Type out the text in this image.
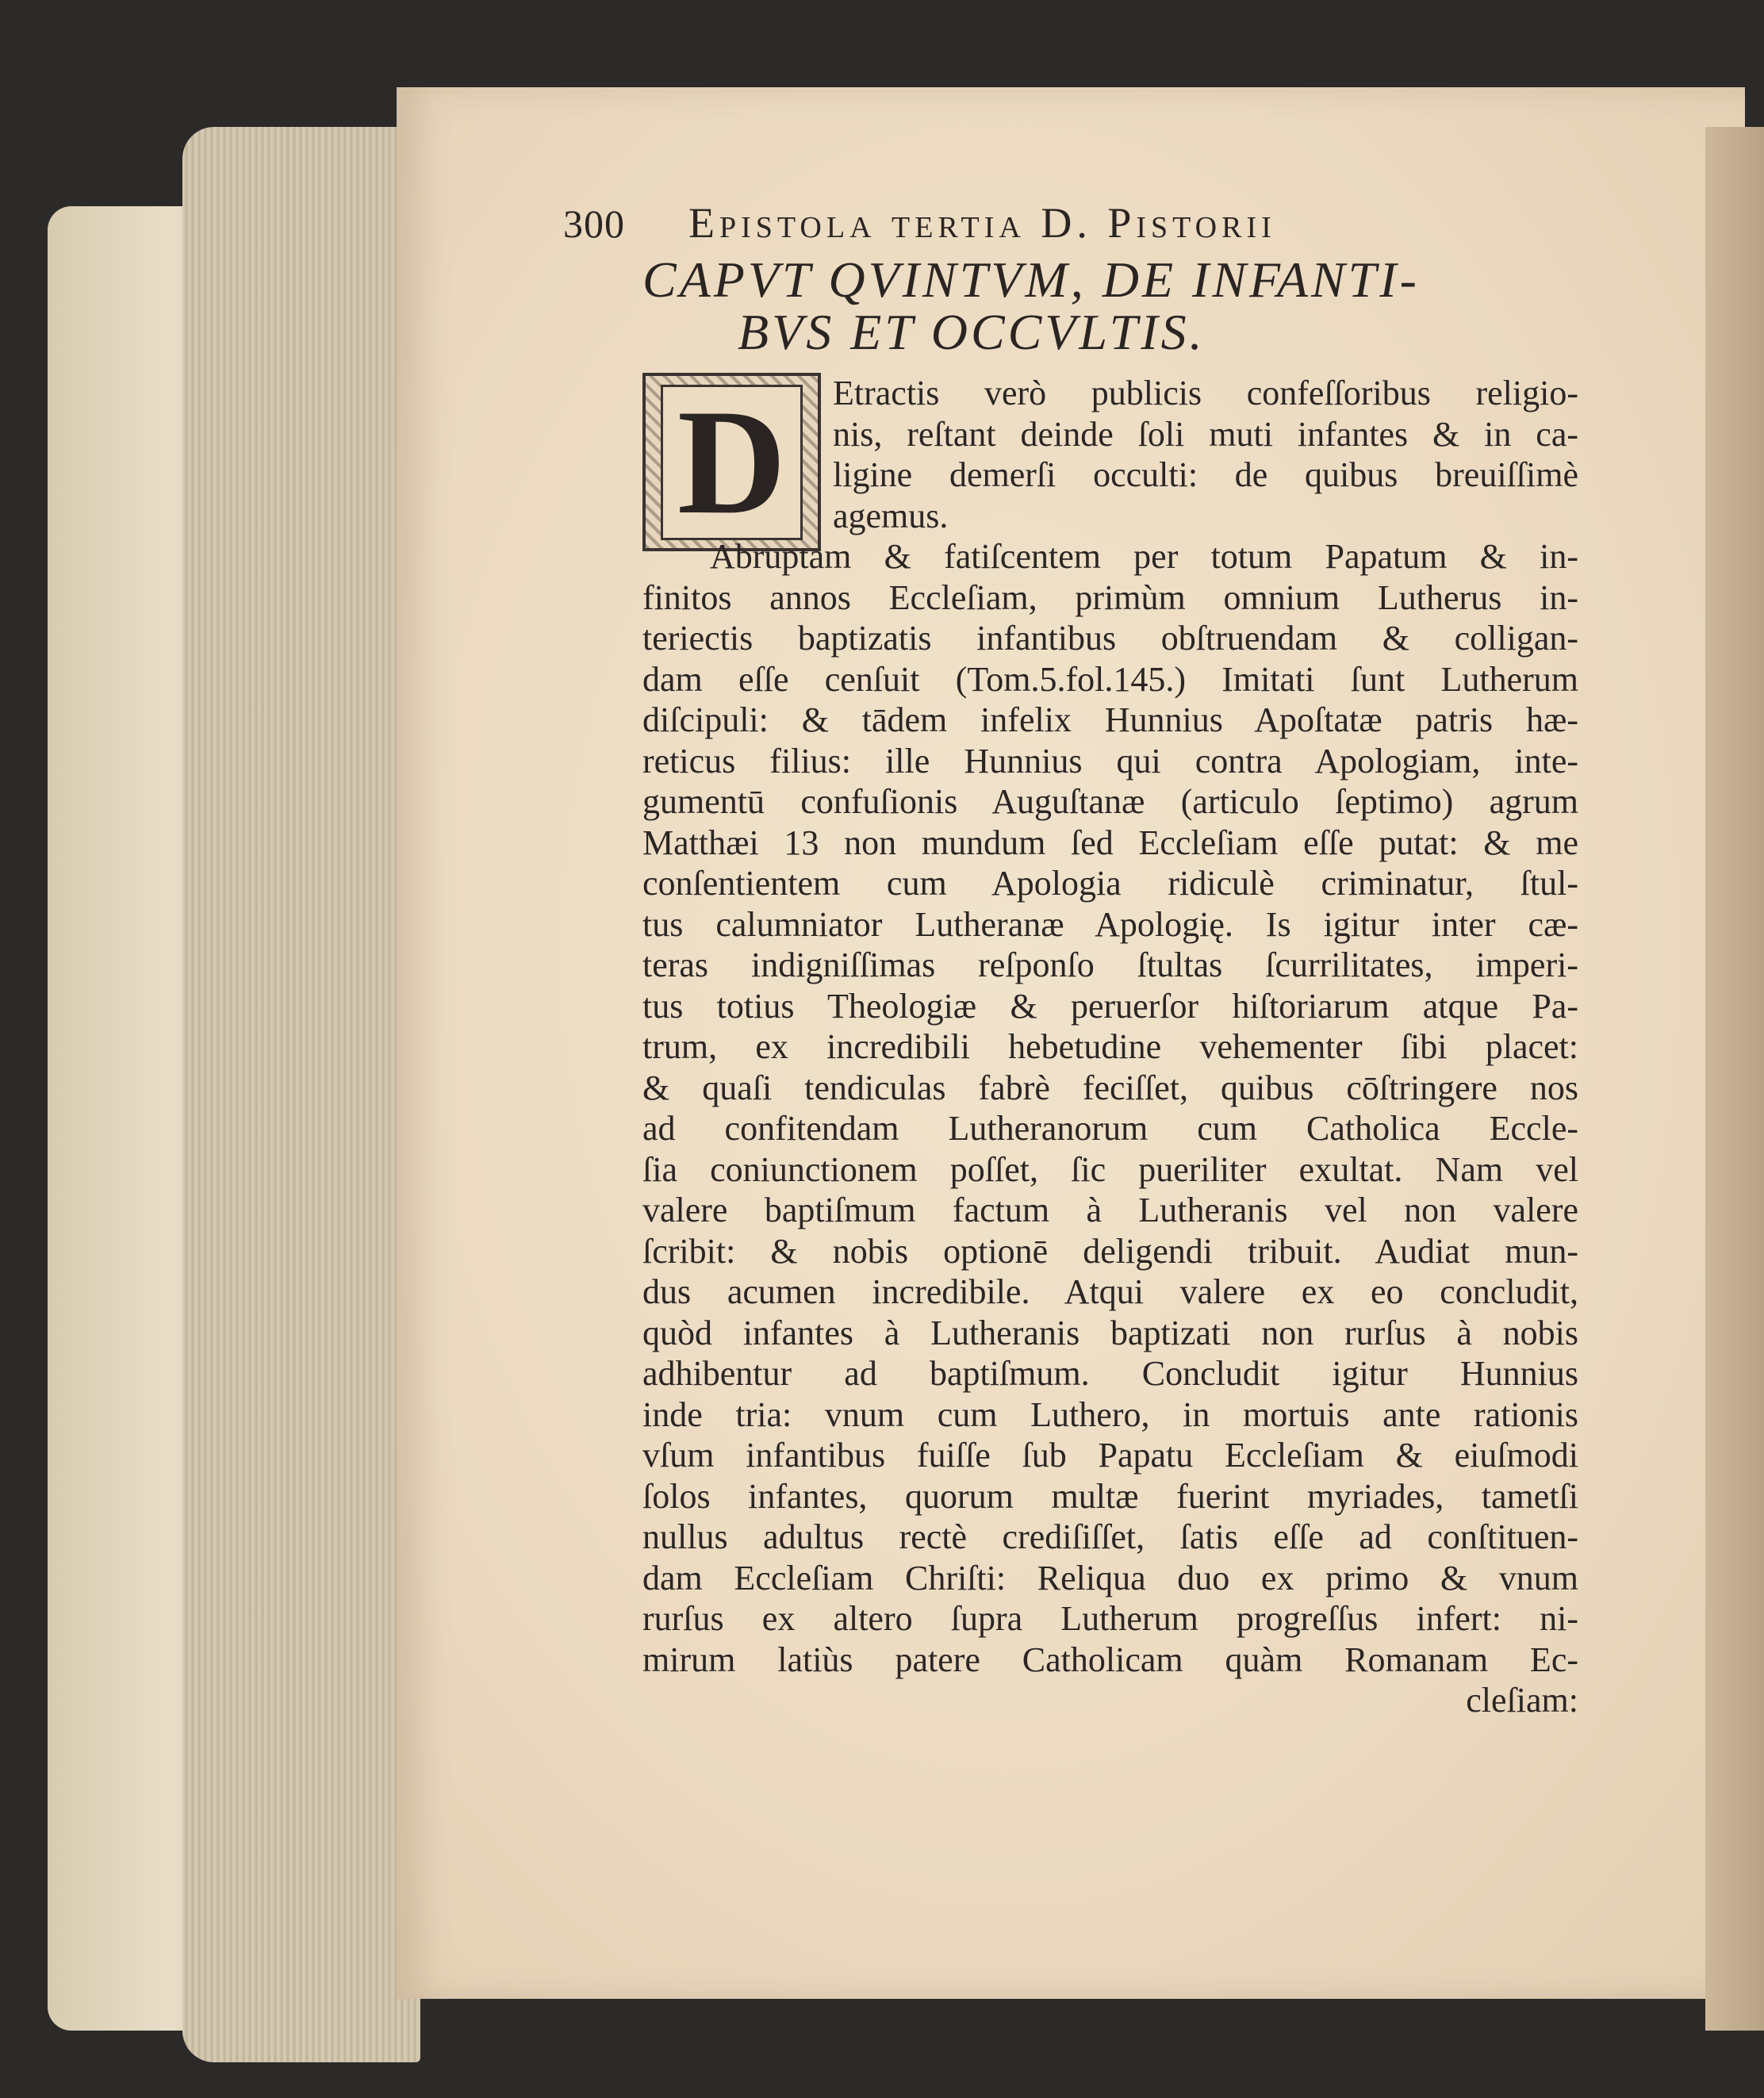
300 Epistola tertia D. Pistorii
CAPVT QVINTVM, DE INFANTI-
BVS ET OCCVLTIS.
D	Etractis verò publicis confeſſoribus religio-
nis, reſtant deinde ſoli muti infantes & in ca-
ligine demerſi occulti: de quibus breuiſſimè
agemus.
Abruptam & fatiſcentem per totum Papatum & in-
finitos annos Eccleſiam, primùm omnium Lutherus in-
teriectis baptizatis infantibus obſtruendam & colligan-
dam eſſe cenſuit (Tom.5.fol.145.) Imitati ſunt Lutherum
diſcipuli: & tādem infelix Hunnius Apoſtatæ patris hæ-
reticus filius: ille Hunnius qui contra Apologiam, inte-
gumentū confuſionis Auguſtanæ (articulo ſeptimo) agrum
Matthæi 13 non mundum ſed Eccleſiam eſſe putat: & me
conſentientem cum Apologia ridiculè criminatur, ſtul-
tus calumniator Lutheranæ Apologię. Is igitur inter cæ-
teras indigniſſimas reſponſo ſtultas ſcurrilitates, imperi-
tus totius Theologiæ & peruerſor hiſtoriarum atque Pa-
trum, ex incredibili hebetudine vehementer ſibi placet:
& quaſi tendiculas fabrè feciſſet, quibus cōſtringere nos
ad confitendam Lutheranorum cum Catholica Eccle-
ſia coniunctionem poſſet, ſic pueriliter exultat. Nam vel
valere baptiſmum factum à Lutheranis vel non valere
ſcribit: & nobis optionē deligendi tribuit. Audiat mun-
dus acumen incredibile. Atqui valere ex eo concludit,
quòd infantes à Lutheranis baptizati non rurſus à nobis
adhibentur ad baptiſmum. Concludit igitur Hunnius
inde tria: vnum cum Luthero, in mortuis ante rationis
vſum infantibus fuiſſe ſub Papatu Eccleſiam & eiuſmodi
ſolos infantes, quorum multæ fuerint myriades, tametſi
nullus adultus rectè crediſiſſet, ſatis eſſe ad conſtituen-
dam Eccleſiam Chriſti: Reliqua duo ex primo & vnum
rurſus ex altero ſupra Lutherum progreſſus infert: ni-
mirum latiùs patere Catholicam quàm Romanam Ec-
cleſiam:
